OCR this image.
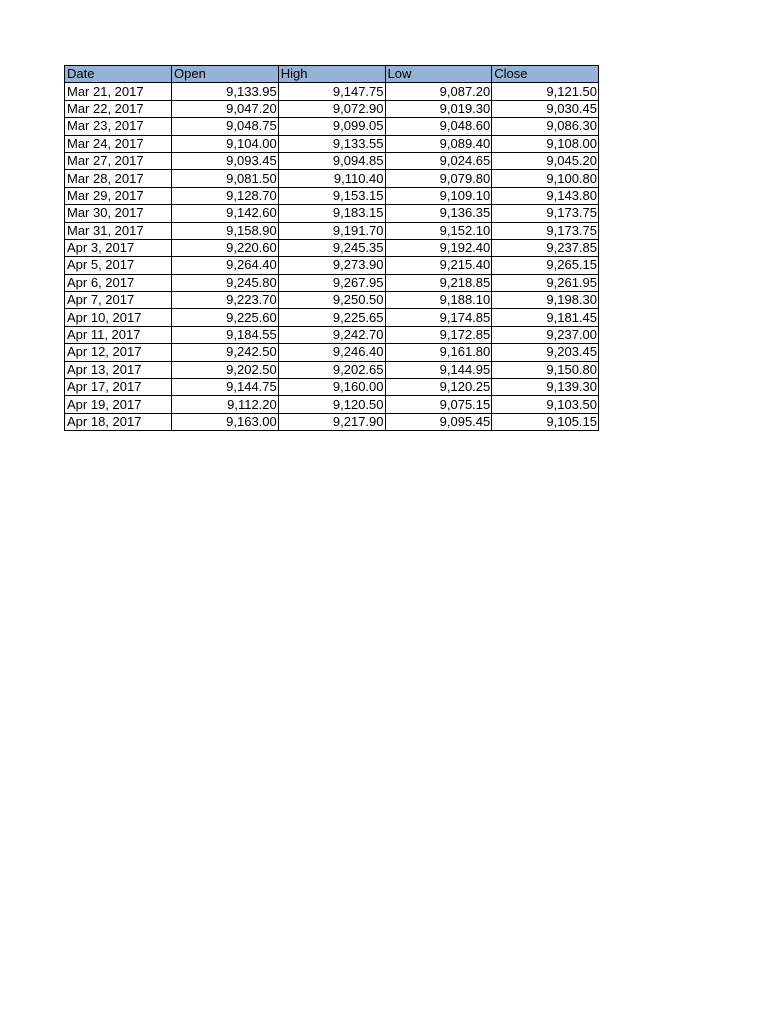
Date	Open	High	Low	Close
Mar 21, 2017	9,133.95	9,147.75	9,087.20	9,121.50
Mar 22, 2017	9,047.20	9,072.90	9,019.30	9,030.45
Mar 23, 2017	9,048.75	9,099.05	9,048.60	9,086.30
Mar 24, 2017	9,104.00	9,133.55	9,089.40	9,108.00
Mar 27, 2017	9,093.45	9,094.85	9,024.65	9,045.20
Mar 28, 2017	9,081.50	9,110.40	9,079.80	9,100.80
Mar 29, 2017	9,128.70	9,153.15	9,109.10	9,143.80
Mar 30, 2017	9,142.60	9,183.15	9,136.35	9,173.75
Mar 31, 2017	9,158.90	9,191.70	9,152.10	9,173.75
Apr 3, 2017	9,220.60	9,245.35	9,192.40	9,237.85
Apr 5, 2017	9,264.40	9,273.90	9,215.40	9,265.15
Apr 6, 2017	9,245.80	9,267.95	9,218.85	9,261.95
Apr 7, 2017	9,223.70	9,250.50	9,188.10	9,198.30
Apr 10, 2017	9,225.60	9,225.65	9,174.85	9,181.45
Apr 11, 2017	9,184.55	9,242.70	9,172.85	9,237.00
Apr 12, 2017	9,242.50	9,246.40	9,161.80	9,203.45
Apr 13, 2017	9,202.50	9,202.65	9,144.95	9,150.80
Apr 17, 2017	9,144.75	9,160.00	9,120.25	9,139.30
Apr 19, 2017	9,112.20	9,120.50	9,075.15	9,103.50
Apr 18, 2017	9,163.00	9,217.90	9,095.45	9,105.15
